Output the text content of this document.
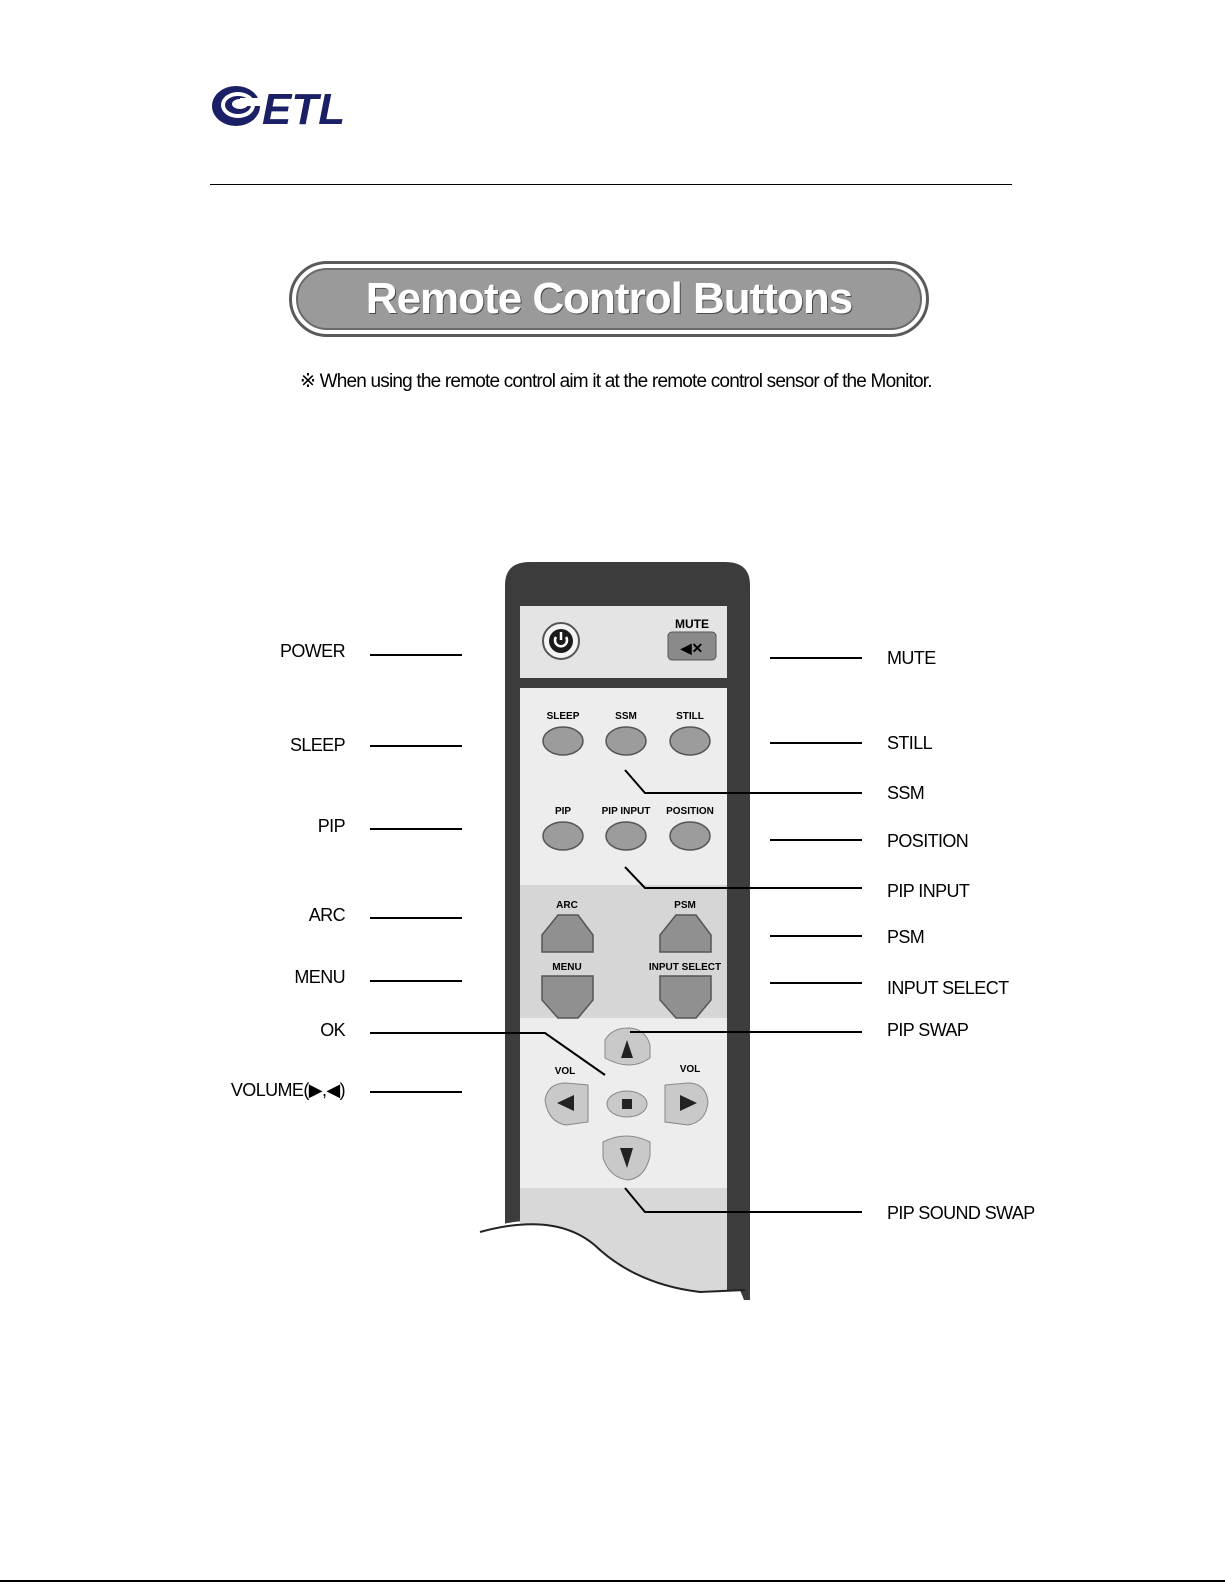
ETL
Remote Control Buttons
※ When using the remote control aim it at the remote control sensor of the Monitor.
MUTE
◀✕
SLEEP	SSM	STILL
PIP	PIP INPUT POSITION
ARC	PSM
MENU	INPUT SELECT
VOL	VOL
POWER
SLEEP
PIP
ARC
MENU
OK
VOLUME(▶,◀)
MUTE
STILL
SSM
POSITION
PIP INPUT
PSM
INPUT SELECT
PIP SWAP
PIP SOUND SWAP
